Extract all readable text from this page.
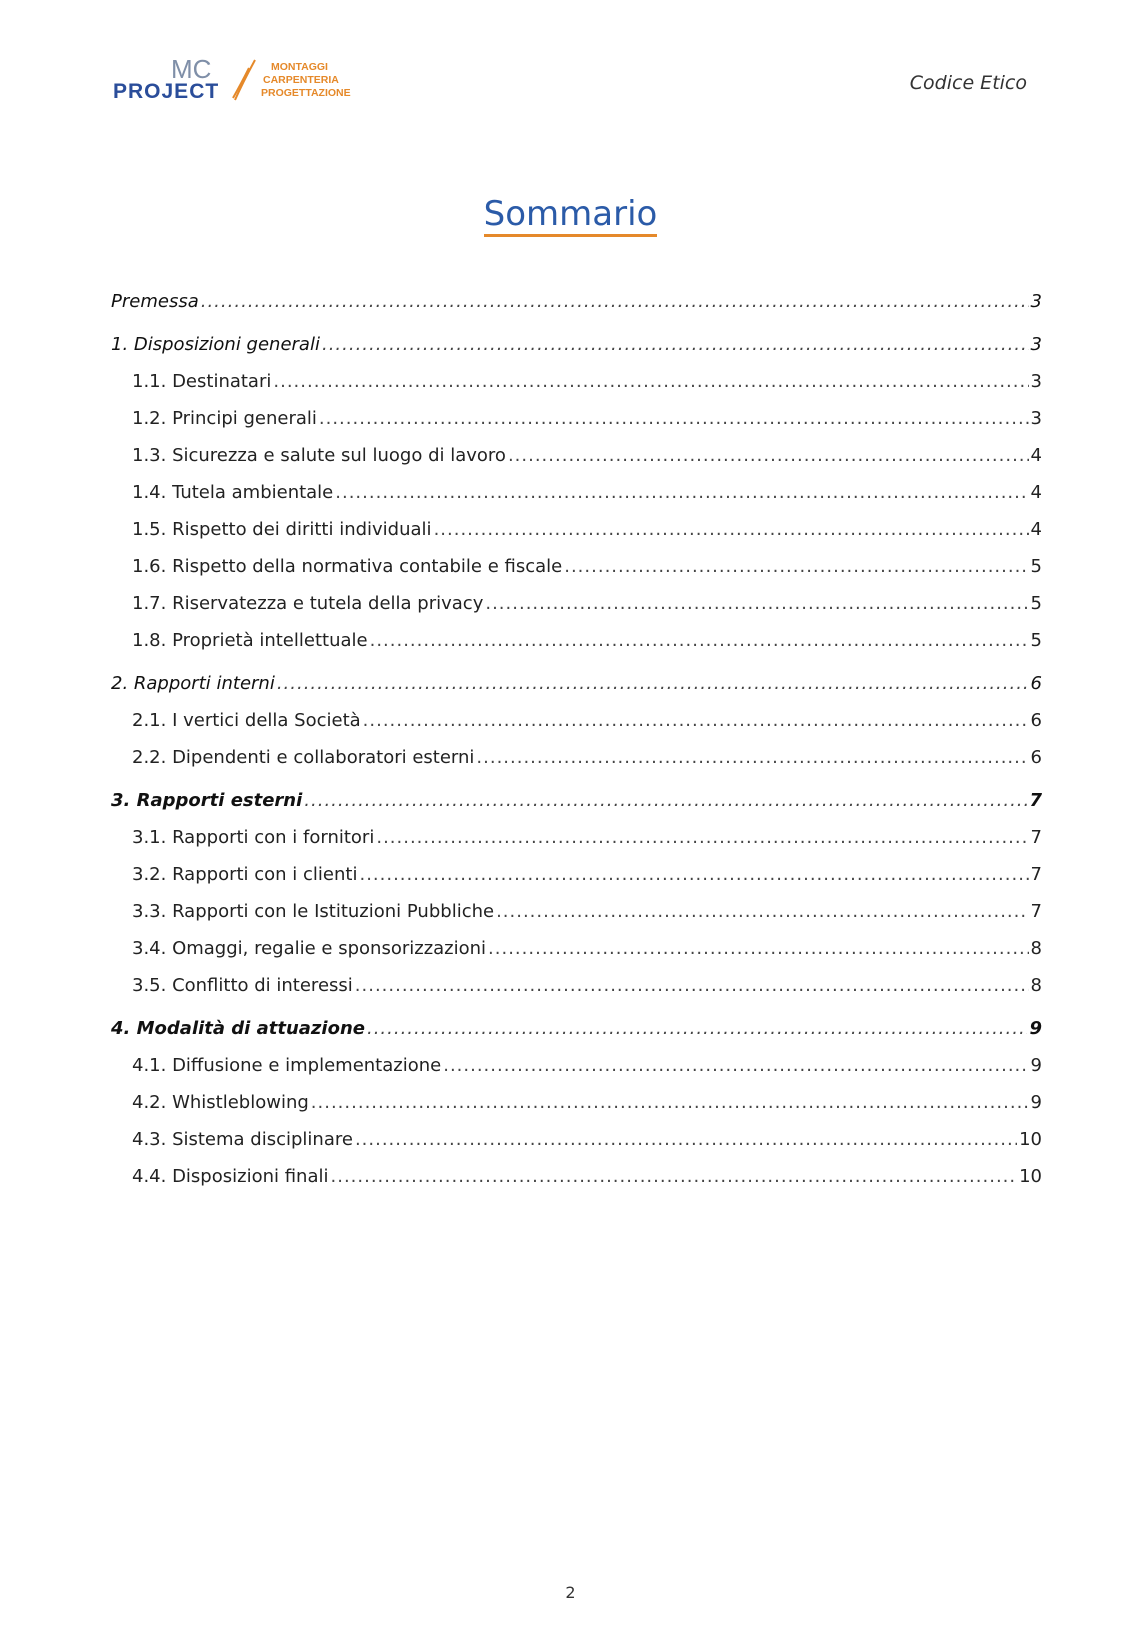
MC
PROJECT
MONTAGGI
CARPENTERIA
PROGETTAZIONE	Codice Etico
Sommario
Premessa .....	3
1. Disposizioni generali .....	3
1.1. Destinatari .....	3
1.2. Principi generali .....	3
1.3. Sicurezza e salute sul luogo di lavoro .....	4
1.4. Tutela ambientale .....	4
1.5. Rispetto dei diritti individuali .....	4
1.6. Rispetto della normativa contabile e fiscale .....	5
1.7. Riservatezza e tutela della privacy .....	5
1.8. Proprietà intellettuale .....	5
2. Rapporti interni .....	6
2.1. I vertici della Società .....	6
2.2. Dipendenti e collaboratori esterni .....	6
3. Rapporti esterni .....	7
3.1. Rapporti con i fornitori .....	7
3.2. Rapporti con i clienti .....	7
3.3. Rapporti con le Istituzioni Pubbliche .....	7
3.4. Omaggi, regalie e sponsorizzazioni .....	8
3.5. Conflitto di interessi .....	8
4. Modalità di attuazione .....	9
4.1. Diffusione e implementazione .....	9
4.2. Whistleblowing .....	9
4.3. Sistema disciplinare .....	10
4.4. Disposizioni finali .....	10
2
